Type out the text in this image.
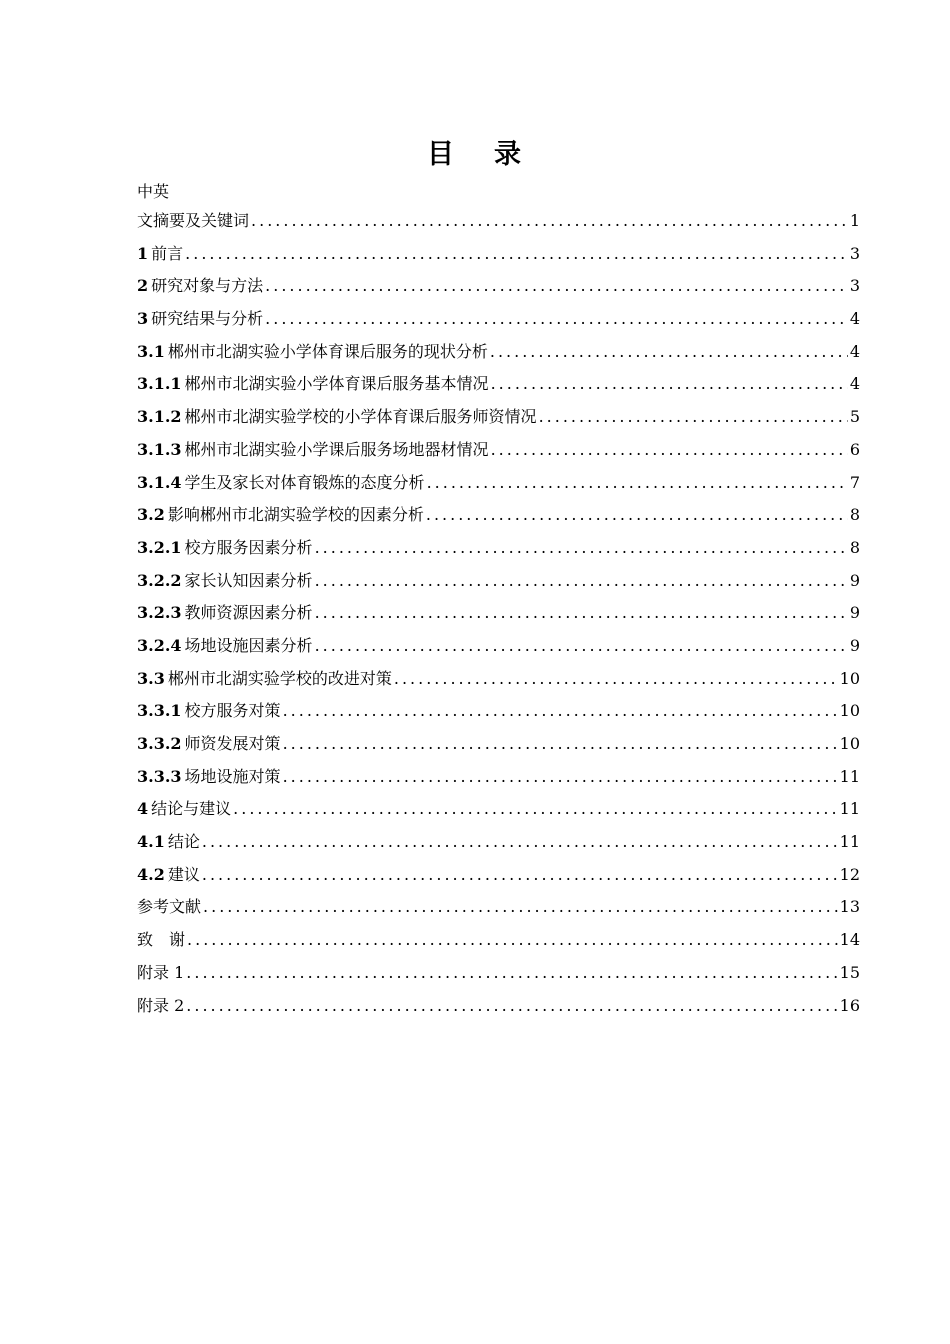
目 录
中英
文摘要及关键词 .....	1
1 前言 .....	3
2 研究对象与方法 .....	3
3 研究结果与分析 .....	4
3.1 郴州市北湖实验小学体育课后服务的现状分析 .....	4
3.1.1 郴州市北湖实验小学体育课后服务基本情况 .....	4
3.1.2 郴州市北湖实验学校的小学体育课后服务师资情况 .....	5
3.1.3 郴州市北湖实验小学课后服务场地器材情况 .....	6
3.1.4 学生及家长对体育锻炼的态度分析 .....	7
3.2 影响郴州市北湖实验学校的因素分析 .....	8
3.2.1 校方服务因素分析 .....	8
3.2.2 家长认知因素分析 .....	9
3.2.3 教师资源因素分析 .....	9
3.2.4 场地设施因素分析 .....	9
3.3 郴州市北湖实验学校的改进对策 .....	10
3.3.1 校方服务对策 .....	10
3.3.2 师资发展对策 .....	10
3.3.3 场地设施对策 .....	11
4 结论与建议 .....	11
4.1 结论 .....	11
4.2 建议 .....	12
参考文献 .....	13
致　谢 .....	14
附录 1 .....	15
附录 2 .....	16
